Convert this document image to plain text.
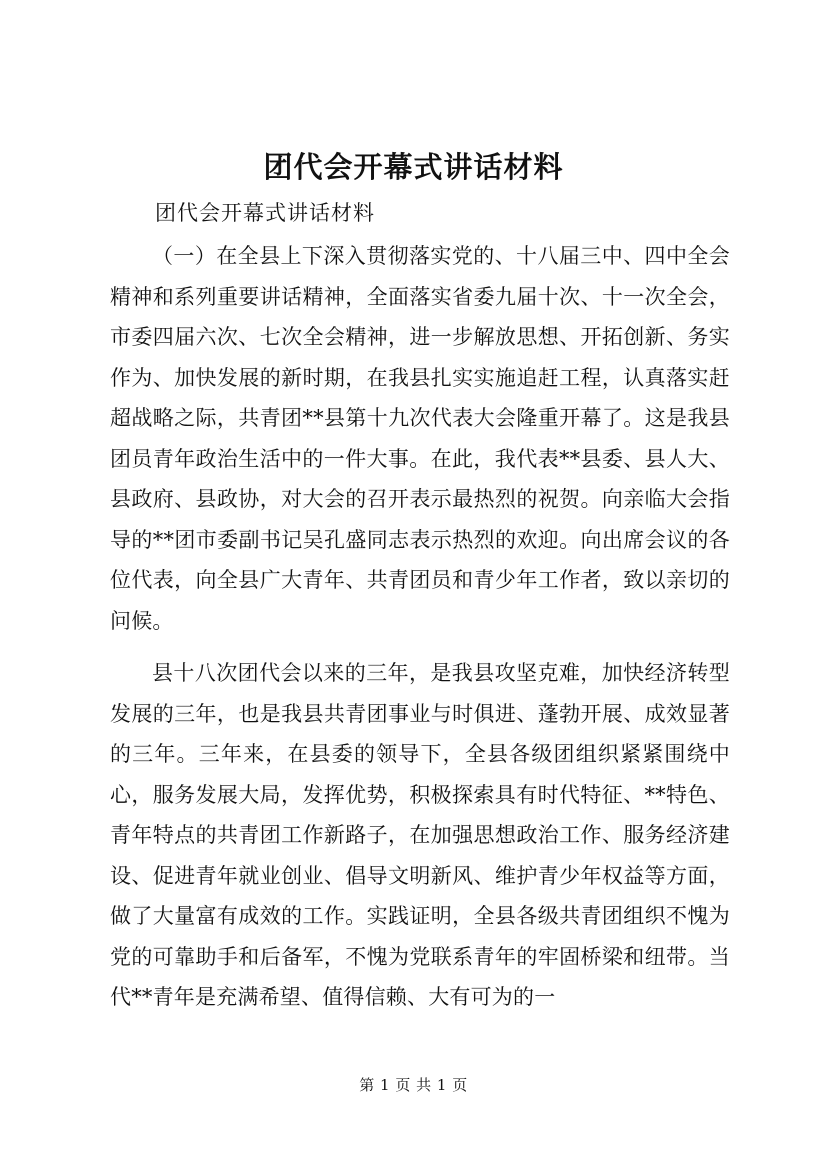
团代会开幕式讲话材料
团代会开幕式讲话材料

（一）在全县上下深入贯彻落实党的、十八届三中、四中全会精神和系列重要讲话精神，全面落实省委九届十次、十一次全会，市委四届六次、七次全会精神，进一步解放思想、开拓创新、务实作为、加快发展的新时期，在我县扎实实施追赶工程，认真落实赶超战略之际，共青团**县第十九次代表大会隆重开幕了。这是我县团员青年政治生活中的一件大事。在此，我代表**县委、县人大、县政府、县政协，对大会的召开表示最热烈的祝贺。向亲临大会指导的**团市委副书记吴孔盛同志表示热烈的欢迎。向出席会议的各位代表，向全县广大青年、共青团员和青少年工作者，致以亲切的问候。

县十八次团代会以来的三年，是我县攻坚克难，加快经济转型发展的三年，也是我县共青团事业与时俱进、蓬勃开展、成效显著的三年。三年来，在县委的领导下，全县各级团组织紧紧围绕中心，服务发展大局，发挥优势，积极探索具有时代特征、**特色、青年特点的共青团工作新路子，在加强思想政治工作、服务经济建设、促进青年就业创业、倡导文明新风、维护青少年权益等方面，做了大量富有成效的工作。实践证明，全县各级共青团组织不愧为党的可靠助手和后备军，不愧为党联系青年的牢固桥梁和纽带。当代**青年是充满希望、值得信赖、大有可为的一

第 1 页 共 1 页
